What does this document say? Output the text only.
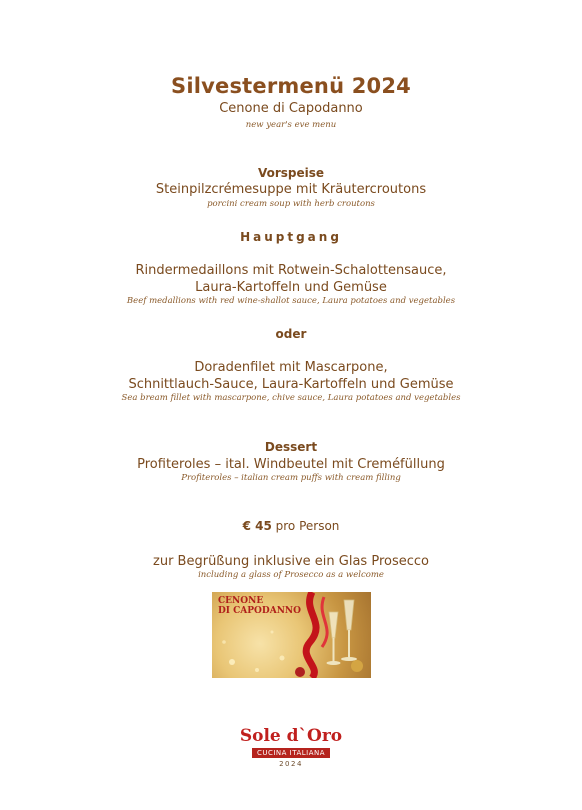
Silvestermenü 2024
Cenone di Capodanno
new year's eve menu
Vorspeise
Steinpilzcrémesuppe mit Kräutercroutons
porcini cream soup with herb croutons
Hauptgang
Rindermedaillons mit Rotwein-Schalottensauce,
Laura-Kartoffeln und Gemüse
Beef medallions with red wine-shallot sauce, Laura potatoes and vegetables
oder
Doradenfilet mit Mascarpone,
Schnittlauch-Sauce, Laura-Kartoffeln und Gemüse
Sea bream fillet with mascarpone, chive sauce, Laura potatoes and vegetables
Dessert
Profiteroles – ital. Windbeutel mit Creméfüllung
Profiteroles – italian cream puffs with cream filling
€ 45 pro Person
zur Begrüßung inklusive ein Glas Prosecco
including a glass of Prosecco as a welcome
CENONE
DI CAPODANNO
Sole d`Oro
CUCINA ITALIANA
2024
